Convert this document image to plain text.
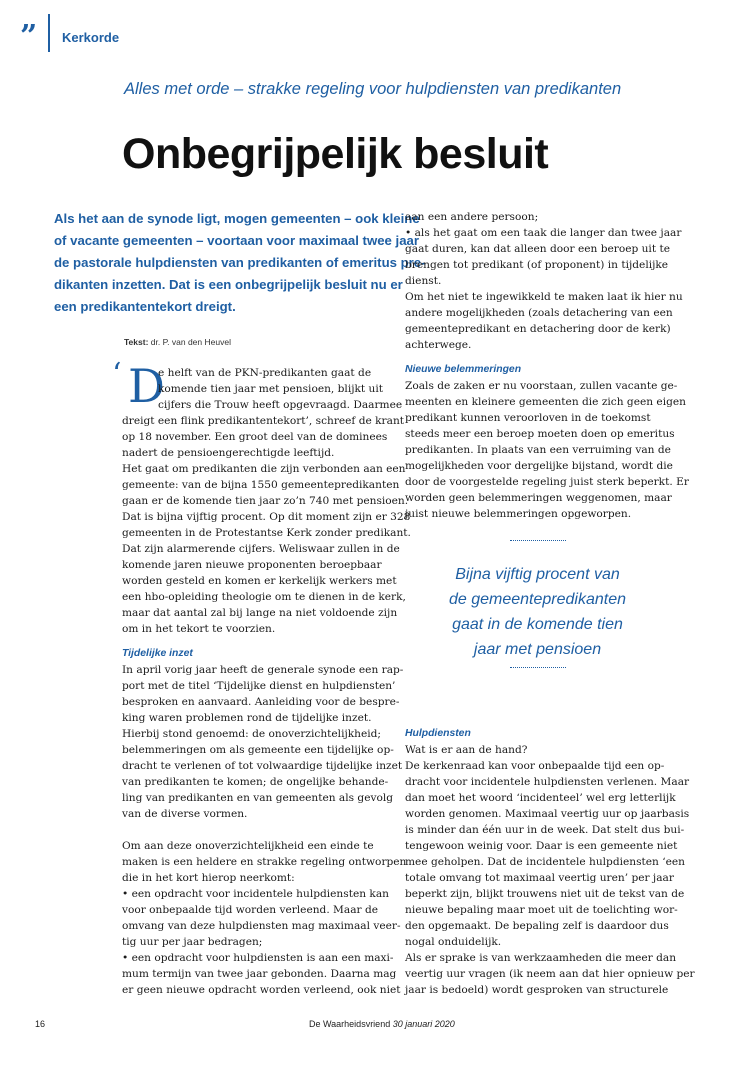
” Kerkorde
Alles met orde – strakke regeling voor hulpdiensten van predikanten
Onbegrijpelijk besluit
Als het aan de synode ligt, mogen gemeenten – ook kleine
of vacante gemeenten – voortaan voor maximaal twee jaar
de pastorale hulpdiensten van predikanten of emeritus pre-
dikanten inzetten. Dat is een onbegrijpelijk besluit nu er
een predikantentekort dreigt.
Tekst: dr. P. van den Heuvel
‘ D
e helft van de PKN-predikanten gaat de
komende tien jaar met pensioen, blijkt uit
cijfers die Trouw heeft opgevraagd. Daarmee
dreigt een flink predikantentekort’, schreef de krant
op 18 november. Een groot deel van de dominees
nadert de pensioengerechtigde leeftijd.
Het gaat om predikanten die zijn verbonden aan een
gemeente: van de bijna 1550 gemeentepredikanten
gaan er de komende tien jaar zo’n 740 met pensioen.
Dat is bijna vijftig procent. Op dit moment zijn er 328
gemeenten in de Protestantse Kerk zonder predikant.
Dat zijn alarmerende cijfers. Weliswaar zullen in de
komende jaren nieuwe proponenten beroepbaar
worden gesteld en komen er kerkelijk werkers met
een hbo-opleiding theologie om te dienen in de kerk,
maar dat aantal zal bij lange na niet voldoende zijn
om in het tekort te voorzien.
Tijdelijke inzet
In april vorig jaar heeft de generale synode een rap-
port met de titel ‘Tijdelijke dienst en hulpdiensten’
besproken en aanvaard. Aanleiding voor de bespre-
king waren problemen rond de tijdelijke inzet.
Hierbij stond genoemd: de onoverzichtelijkheid;
belemmeringen om als gemeente een tijdelijke op-
dracht te verlenen of tot volwaardige tijdelijke inzet
van predikanten te komen; de ongelijke behande-
ling van predikanten en van gemeenten als gevolg
van de diverse vormen.
Om aan deze onoverzichtelijkheid een einde te
maken is een heldere en strakke regeling ontworpen
die in het kort hierop neerkomt:
• een opdracht voor incidentele hulpdiensten kan
voor onbepaalde tijd worden verleend. Maar de
omvang van deze hulpdiensten mag maximaal veer-
tig uur per jaar bedragen;
• een opdracht voor hulpdiensten is aan een maxi-
mum termijn van twee jaar gebonden. Daarna mag
er geen nieuwe opdracht worden verleend, ook niet
aan een andere persoon;
• als het gaat om een taak die langer dan twee jaar
gaat duren, kan dat alleen door een beroep uit te
brengen tot predikant (of proponent) in tijdelijke
dienst.
Om het niet te ingewikkeld te maken laat ik hier nu
andere mogelijkheden (zoals detachering van een
gemeentepredikant en detachering door de kerk)
achterwege.
Nieuwe belemmeringen
Zoals de zaken er nu voorstaan, zullen vacante ge-
meenten en kleinere gemeenten die zich geen eigen
predikant kunnen veroorloven in de toekomst
steeds meer een beroep moeten doen op emeritus
predikanten. In plaats van een verruiming van de
mogelijkheden voor dergelijke bijstand, wordt die
door de voorgestelde regeling juist sterk beperkt. Er
worden geen belemmeringen weggenomen, maar
juist nieuwe belemmeringen opgeworpen.
Hulpdiensten
Wat is er aan de hand?
De kerkenraad kan voor onbepaalde tijd een op-
dracht voor incidentele hulpdiensten verlenen. Maar
dan moet het woord ‘incidenteel’ wel erg letterlijk
worden genomen. Maximaal veertig uur op jaarbasis
is minder dan één uur in de week. Dat stelt dus bui-
tengewoon weinig voor. Daar is een gemeente niet
mee geholpen. Dat de incidentele hulpdiensten ‘een
totale omvang tot maximaal veertig uren’ per jaar
beperkt zijn, blijkt trouwens niet uit de tekst van de
nieuwe bepaling maar moet uit de toelichting wor-
den opgemaakt. De bepaling zelf is daardoor dus
nogal onduidelijk.
Als er sprake is van werkzaamheden die meer dan
veertig uur vragen (ik neem aan dat hier opnieuw per
jaar is bedoeld) wordt gesproken van structurele
Bijna vijftig procent van
de gemeentepredikanten
gaat in de komende tien
jaar met pensioen
16	De Waarheidsvriend 30 januari 2020
